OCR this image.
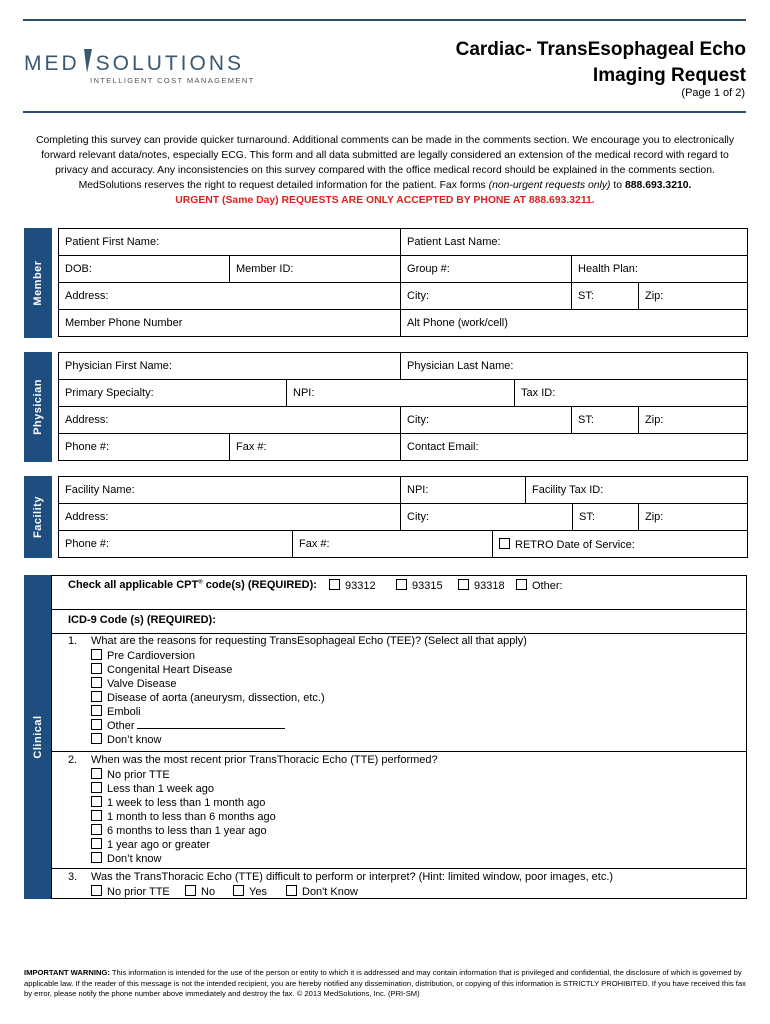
MED SOLUTIONS
INTELLIGENT COST MANAGEMENT
Cardiac- TransEsophageal Echo
Imaging Request
(Page 1 of 2)
Completing this survey can provide quicker turnaround. Additional comments can be made in the comments section. We encourage you to electronically forward relevant data/notes, especially ECG. This form and all data submitted are legally considered an extension of the medical record with regard to privacy and accuracy. Any inconsistencies on this survey compared with the office medical record should be explained in the comments section. MedSolutions reserves the right to request detailed information for the patient. Fax forms (non-urgent requests only) to 888.693.3210.
URGENT (Same Day) REQUESTS ARE ONLY ACCEPTED BY PHONE AT 888.693.3211.
Member
Patient First Name:		Patient Last Name:		
DOB:	Member ID:	Group #:	Health Plan:	
Address:		City:	ST:	Zip:
Member Phone Number		Alt Phone (work/cell)		
Physician
Physician First Name:			Physician Last Name:			
Primary Specialty:		NPI:		Tax ID:		
Address:			City:		ST:	Zip:
Phone #:	Fax #:		Contact Email:			
Facility
Facility Name:		NPI:		Facility Tax ID:		
Address:		City:			ST:	Zip:
Phone #:	Fax #:		RETRO Date of Service:			
Clinical
Check all applicable CPT® code(s) (REQUIRED):	93312	93315	93318	Other:
ICD-9 Code (s) (REQUIRED):
1. What are the reasons for requesting TransEsophageal Echo (TEE)? (Select all that apply)
Pre Cardioversion
Congenital Heart Disease
Valve Disease
Disease of aorta (aneurysm, dissection, etc.)
Emboli
Other
Don’t know
2. When was the most recent prior TransThoracic Echo (TTE) performed?
No prior TTE
Less than 1 week ago
1 week to less than 1 month ago
1 month to less than 6 months ago
6 months to less than 1 year ago
1 year ago or greater
Don’t know
3. Was the TransThoracic Echo (TTE) difficult to perform or interpret? (Hint: limited window, poor images, etc.)
No prior TTE	No	Yes	Don't Know
IMPORTANT WARNING: This information is intended for the use of the person or entity to which it is addressed and may contain information that is privileged and confidential, the disclosure of which is governed by applicable law. If the reader of this message is not the intended recipient, you are hereby notified any dissemination, distribution, or copying of this information is STRICTLY PROHIBITED. If you have received this fax by error, please notify the phone number above immediately and destroy the fax. © 2013 MedSolutions, Inc. (PRI-SM)
